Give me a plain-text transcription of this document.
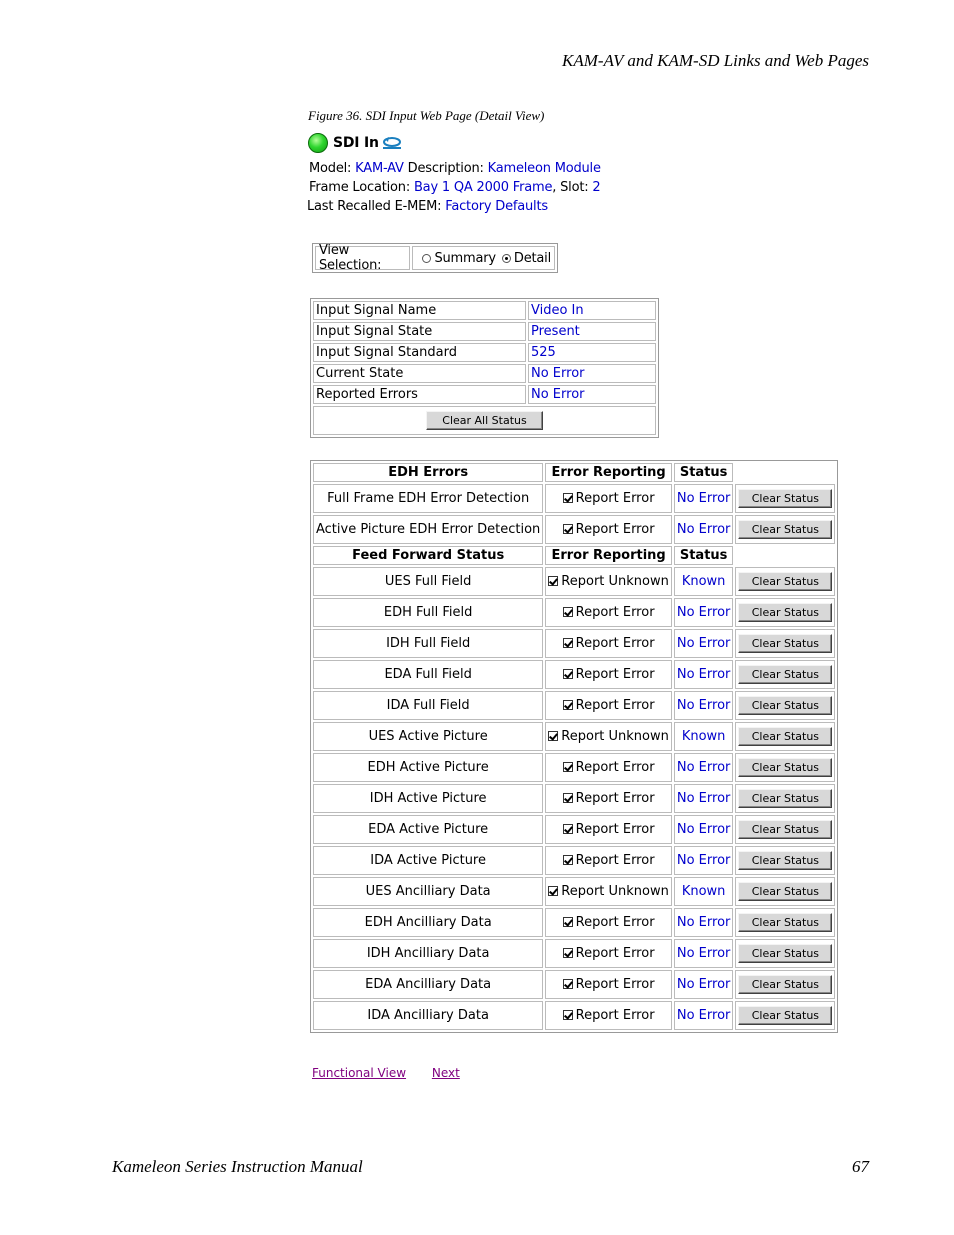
KAM-AV and KAM-SD Links and Web Pages
Figure 36. SDI Input Web Page (Detail View)
SDI In
Model: KAM-AV Description: Kameleon Module
Frame Location: Bay 1 QA 2000 Frame, Slot: 2
Last Recalled E-MEM: Factory Defaults
View Selection:	Summary Detail
Input Signal Name	Video In
Input Signal State	Present
Input Signal Standard	525
Current State	No Error
Reported Errors	No Error
Clear All Status	
EDH Errors	Error Reporting	Status	
Full Frame EDH Error Detection	Report Error	No Error	Clear Status
Active Picture EDH Error Detection	Report Error	No Error	Clear Status
Feed Forward Status	Error Reporting	Status	
UES Full Field	Report Unknown	Known	Clear Status
EDH Full Field	Report Error	No Error	Clear Status
IDH Full Field	Report Error	No Error	Clear Status
EDA Full Field	Report Error	No Error	Clear Status
IDA Full Field	Report Error	No Error	Clear Status
UES Active Picture	Report Unknown	Known	Clear Status
EDH Active Picture	Report Error	No Error	Clear Status
IDH Active Picture	Report Error	No Error	Clear Status
EDA Active Picture	Report Error	No Error	Clear Status
IDA Active Picture	Report Error	No Error	Clear Status
UES Ancilliary Data	Report Unknown	Known	Clear Status
EDH Ancilliary Data	Report Error	No Error	Clear Status
IDH Ancilliary Data	Report Error	No Error	Clear Status
EDA Ancilliary Data	Report Error	No Error	Clear Status
IDA Ancilliary Data	Report Error	No Error	Clear Status
Functional View Next
Kameleon Series Instruction Manual	67
